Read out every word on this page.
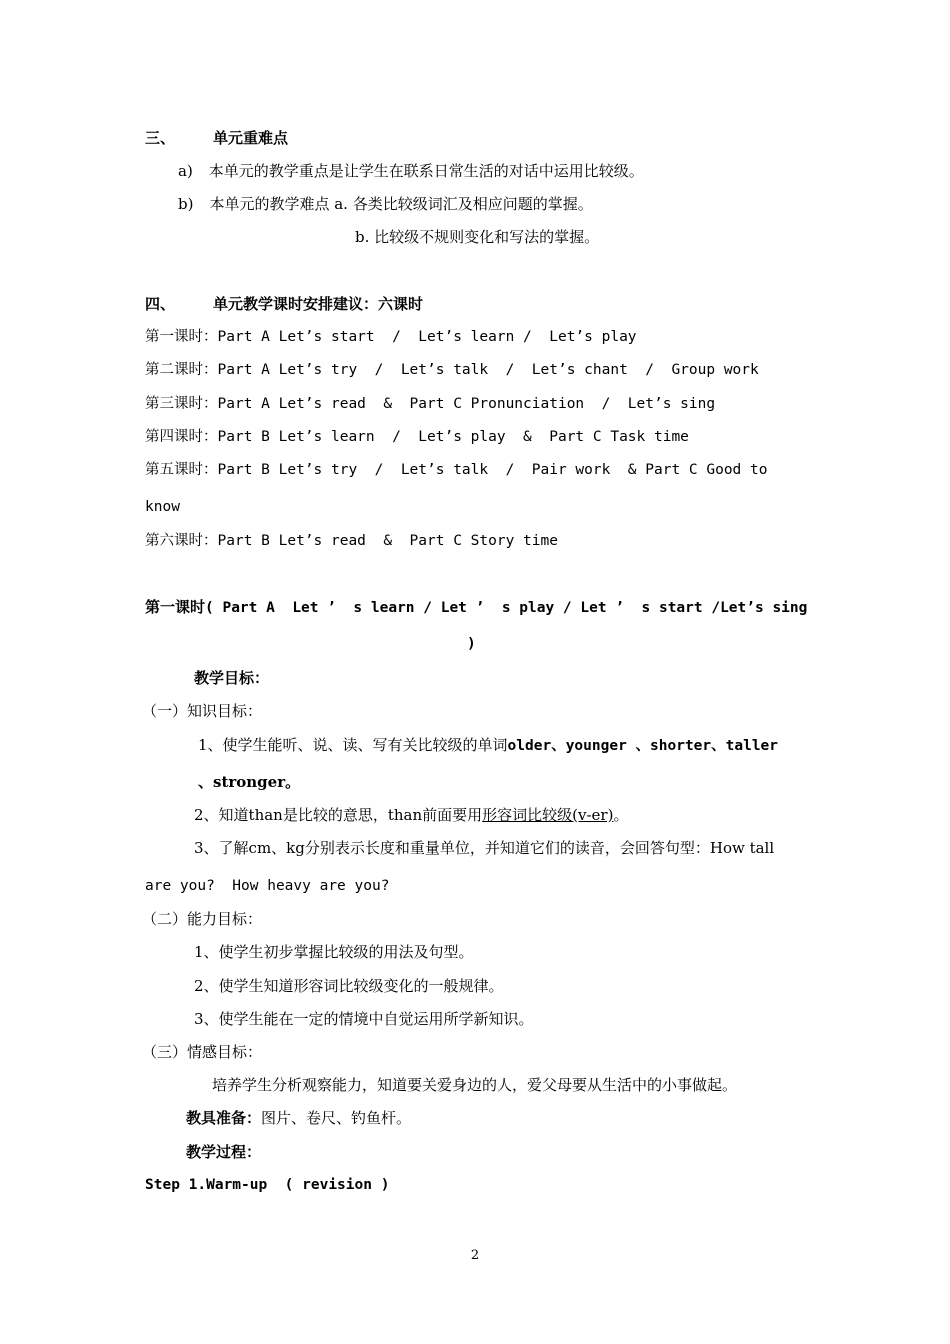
三、	单元重难点
a) 本单元的教学重点是让学生在联系日常生活的对话中运用比较级。
b) 本单元的教学难点 a. 各类比较级词汇及相应问题的掌握。
b. 比较级不规则变化和写法的掌握。
四、	单元教学课时安排建议：六课时
第一课时：Part A Let’s start  /  Let’s learn /  Let’s play
第二课时：Part A Let’s try  /  Let’s talk  /  Let’s chant  /  Group work
第三课时：Part A Let’s read  &  Part C Pronunciation  /  Let’s sing
第四课时：Part B Let’s learn  /  Let’s play  &  Part C Task time
第五课时：Part B Let’s try  /  Let’s talk  /  Pair work  & Part C Good to
know
第六课时：Part B Let’s read  &  Part C Story time
第一课时( Part A  Let ’  s learn / Let ’  s play / Let ’  s start /Let’s sing
)
教学目标：
（一）知识目标：
1、使学生能听、说、读、写有关比较级的单词older、younger 、shorter、taller
、stronger。
2、知道than是比较的意思，than前面要用形容词比较级(v-er)。
3、了解cm、kg分别表示长度和重量单位，并知道它们的读音，会回答句型：How tall
are you?  How heavy are you?
（二）能力目标：
1、使学生初步掌握比较级的用法及句型。
2、使学生知道形容词比较级变化的一般规律。
3、使学生能在一定的情境中自觉运用所学新知识。
（三）情感目标：
培养学生分析观察能力，知道要关爱身边的人，爱父母要从生活中的小事做起。
教具准备：图片、卷尺、钓鱼杆。
教学过程：
Step 1.Warm-up  ( revision )
2
